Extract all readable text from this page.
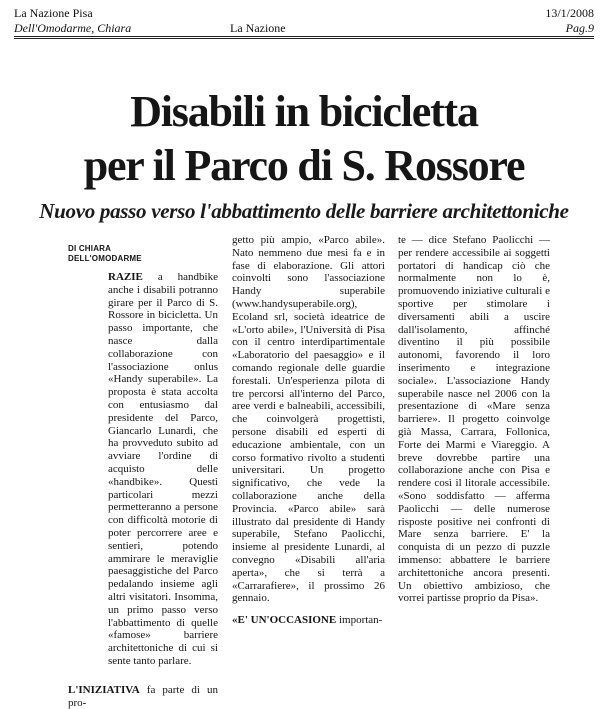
La Nazione Pisa	13/1/2008
Dell'Omodarme, Chiara	La Nazione	Pag.9
Disabili in bicicletta
per il Parco di S. Rossore
Nuovo passo verso l'abbattimento delle barriere architettoniche

DI CHIARA
DELL'OMODARME

RAZIE a handbike anche i disabili potranno girare per il Parco di S. Rossore in bicicletta. Un passo importante, che nasce dalla collaborazione con l'associazione onlus «Handy superabile». La proposta è stata accolta con entusiasmo dal presidente del Parco, Giancarlo Lunardi, che ha provveduto subito ad avviare l'ordine di acquisto delle «handbike». Questi particolari mezzi permetteranno a persone con difficoltà motorie di poter percorrere aree e sentieri, potendo ammirare le meraviglie paesaggistiche del Parco pedalando insieme agli altri visitatori. Insomma, un primo passo verso l'abbattimento di quelle «famose» barriere architettoniche di cui si sente tanto parlare.

L'INIZIATIVA fa parte di un pro-

getto più ampio, «Parco abile». Nato nemmeno due mesi fa e in fase di elaborazione. Gli attori coinvolti sono l'associazione Handy superabile (www.handysuperabile.org), Ecoland srl, società ideatrice de «L'orto abile», l'Università di Pisa con il centro interdipartimentale «Laboratorio del paesaggio» e il comando regionale delle guardie forestali. Un'esperienza pilota di tre percorsi all'interno del Parco, aree verdi e balneabili, accessibili, che coinvolgerà progettisti, persone disabili ed esperti di educazione ambientale, con un corso formativo rivolto a studenti universitari. Un progetto significativo, che vede la collaborazione anche della Provincia. «Parco abile» sarà illustrato dal presidente di Handy superabile, Stefano Paolicchi, insieme al presidente Lunardi, al convegno «Disabili all'aria aperta», che si terrà a «Carrarafiere», il prossimo 26 gennaio.

«E' UN'OCCASIONE importan-

te — dice Stefano Paolicchi — per rendere accessibile ai soggetti portatori di handicap ciò che normalmente non lo è, promuovendo iniziative culturali e sportive per stimolare i diversamenti abili a uscire dall'isolamento, affinché diventino il più possibile autonomi, favorendo il loro inserimento e integrazione sociale». L'associazione Handy superabile nasce nel 2006 con la presentazione di «Mare senza barriere». Il progetto coinvolge già Massa, Carrara, Follonica, Forte dei Marmi e Viareggio. A breve dovrebbe partire una collaborazione anche con Pisa e rendere così il litorale accessibile. «Sono soddisfatto — afferma Paolicchi — delle numerose risposte positive nei confronti di Mare senza barriere. E' la conquista di un pezzo di puzzle immenso: abbattere le barriere architettoniche ancora presenti. Un obiettivo ambizioso, che vorrei partisse proprio da Pisa».
